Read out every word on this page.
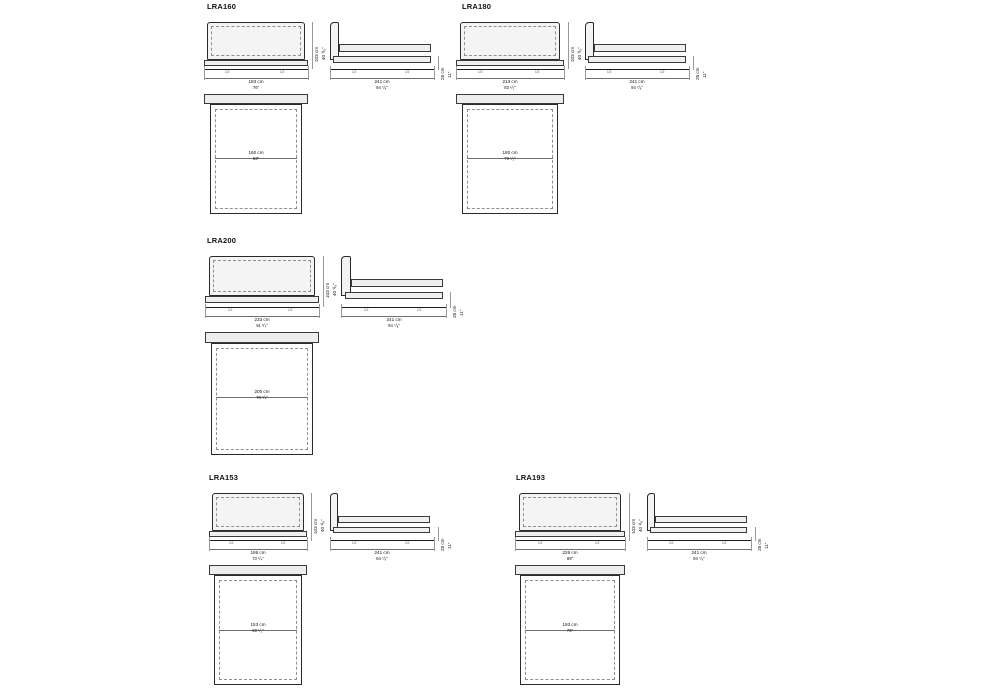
LRA160
1/2	1/2
193 cm
76"
103 cm 40 ¹/₈"
1/2	1/2
241 cm
94 ⁷/₈"
28 cm 11"
160 cm
63"
LRA180
1/2	1/2
213 cm
83 ¹/₂"
103 cm 40 ¹/₈"
1/2	1/2
241 cm
94 ⁷/₈"
28 cm 11"
180 cm
70 ¹/₂"
LRA200
1/2	1/2
233 cm
91 ³/₄"
103 cm 40 ¹/₈"
1/2	1/2
241 cm
94 ⁷/₈"
28 cm 11"
200 cm
78 ³/₄"
LRA153
1/2	1/2
186 cm
73 ¹/₄"
103 cm 40 ¹/₈"
1/2	1/2
241 cm
94 ⁷/₈"
28 cm 11"
153 cm
60 ¹/₂"
LRA193
1/2	1/2
226 cm
89"
103 cm 40 ¹/₈"
1/2	1/2
241 cm
94 ⁷/₈"
28 cm 11"
193 cm
76"
